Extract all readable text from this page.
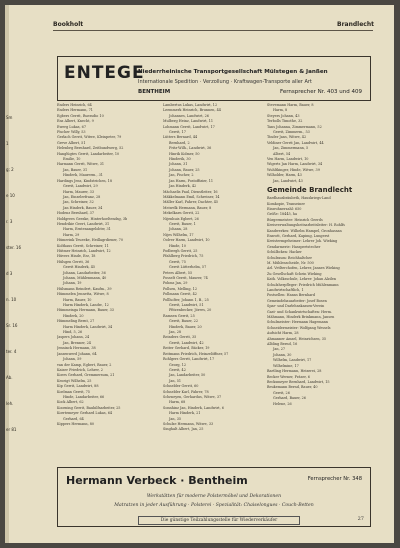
Sm
1
g; 2
e 10
r. 3
ster. 16
d 3
n. 10
Sr. 16
ter. 4
Ab.
leh.
er 81
Bookholt	Brandlecht
ENTEGE
Niederrheinische Transportgesellschaft Mülstegen & Janßen
Internationale Spedition · Verzollung · Kraftwagen-Transporte aller Art
BENTHEIM	Fernsprecher Nr. 403 und 409
Enders Heinrich, 64
Enders Hermann, 71
Egbers Gerrit, Ruessdio 10
Ens Albert, Knecht, 9
Ewerg Lukas, 67
Fischer Willy, 53
Gerlach Gerrit, Witwe, Kleinpeter, 79
Greve Albert, 51
Helenbrg Bernhard, Zeitbundwerg, 52
Hanglügtes Gerrit, Landarbeiter, 10
Emilie, 10
Harmann Gerrit, Witwe, 31
Jan, Bauer, 31
Hinderk, Maurerm., 31
Hardings Jens, Kindstrichen, 18
Gerrit, Landwirt, 29
Harm, Maurer, 33
Jan, Einzelerfranz, 28
Jan, Schreiner, 32
Jan Hinderk, Bauer, 34
Hodenz Bernhard, 37
Holdgrees Geeske, Hinterhoeltendsg, 3b
Hendrikie Geert, Landwirt, 31
Harm, Erntenangelobtw, 31
Harm, 29
Hümerink Teueeke, Heillagrdiener, 70
Kolthaus Gerrit, Schreiner, 11
Hütmer Heinrich, Landwirt, 12
Hüvers Hinde, Erz, 18
Hülsgen Gerrit, 36
Gerrit Hinderk, 45
Johann, Landarbeiter, 36
Johann, Mühlenmann, 40
Johann, 19
Hülsmann Reindert, Kaufm., 39
Hümmelen Jennetta, Witwe, 8
Harm, Bauer, 10
Harm Hinderk, Landw., 12
Hümmeinga Hermann, Bauer, 33
Hinderk, 20
Hümmeling Bernt, 27
Harm Hinderk, Landwirt, 34
Hind, 5, 26
Jaspers Johann, 24
Jan, Brenner, 24
Jenninck Hermann, 38
Jansenwerd Johann, 64
Johann, 59
van der Kamp, Egbert, Bauer, 2
Kaiser Friedrich, Lehrer, 2
Koers Gerhard, Gremmersum, 21
Kroeigt Wilhelm, 25
Kip Gerrit, Landwirt, 88
Koelman Gerrit, 75
Hinde, Landarbeiter, 66
Kock Albert, 62
Koorning Gerrit, Bauhilfsarbeiter, 25
Korrtemeyer Gerhard Lukas, 64
Gerhard, 64
Kippers Hermann, 80
Lambertus Lukas, Landwirt, 12
Leemmerk Heinrich, Brunnen, 44
Johannes, Landwirt, 26
Mulberg Heinz, Landwirt, 11
Lohmann Gerrit, Landwirt, 17
Gerrit, 17
Lütters Bernard, 44
Bernhard, 2
Fritz-Wilh., Landwirt, 36
Hinrik Kolmer, 50
Hinderik, 30
Johann, 31
Johann, Bauer, 25
Jan, Fischer, 2
Jan Harm, Postoffizier, 11
Jan Hinderk, 42
Mächaelis Paul, Dienstleiter, 16
Mäkkelmann Emil, Schreiner, 14
Mäller Karl, Fahrer, Dachter, 45
Meiwelk Hermann, Bauer, 8
Mekelkarn Gerrit, 22
Nijenhuis Egbert, 26
Gerrit, Bauer, 1
Johann, 28
Nijes Wilhelm, 17
Oolver Harm, Landwirt, 10
Hinde, 10
Podbergh Gerrit, 25
Pfahlberg Friedrich, 75
Gerrit, 75
Gerrit Lütterhelm, 57
Peters Albert, 55
Posselt Gerrit, Maurer, 74
Pohms Jan, 29
Pollsen, Melling, 12
Pollmann Gerrit, 42
Pollholter, Johann 1, B., 25
Gerrit, Landwirt, 51
Pfitzenbecker, Jörres, 20
Ramsen Gerrit, 25
Gerrit, Bauer, 22
Hinderk, Bauer, 20
Jan, 28
Reinders Gerrit, 35
Gerrit, Landwirt, 42
Reiter Gerhard, Bäcker, 19
Reitmann Friedrich, Heinzelöffner, 57
Rohlgers Gerrit, Landwirt, 17
Georg, 12
Gerrit, 42
Jan, Landarbeiter, 50
Jan, 51
Schnelder Gerrit, 60
Schnelder Karl, Fahrer, 78
Schrneyen, Gerhardus, Witwe, 37
Harm, 68
Sonnhinz Jan, Hinderk, Landwirt, 6
Harm Hinderk, 21
Jan, 35
Schulze Hermann, Witwe, 33
Singhalt Albert, Jan, 25
Stevemann Harm, Bauer, 8
Harm, 8
Steyers Johann, 43
Terbolls Timothe, 32
Tans Johanna, Zimmermann, 52
Gerrit, Zimmerm., 53
Tinder Jans, Witwe, 42
Veldiner Gerrit Jan, Landwirt, 44
Jan, Zimmermann, 5
Albert, 54
Ven Harm, Landwirt, 10
Wigerts Jan Harm, Landwirt, 34
Wuhltkinger, Hinde, Witwe, 39
Wilholder, Harm, 43
Jan, Landwirt, 43
Gemeinde Brandlecht
Bardhausbräubeth, Hauskriegs-Land
Komkopie, Transeiner
Einwohnerzahl: 650
Größe: 18445, ha
Bürgermeister: Heinrich Geerds
Kreisverwaltungsheitsarbeitsleiter: H. Rohlfs
Kandwerkes: Wilhelm Hampel, Gronhassan
Ensrott, Gerhard, Kapimg, Lungerst
Kreistermgeheimer: Lehrer Joh. Wieking
Gendarmerie: Hasspertstecher
Schülbcken: Hacker
Schulraum: Reichhaltcher
M. Mühlenscheide, Nr. 500
Arl. Vetlterchofen, Lehrer, Jannes Wieking
Zu Gesellschaft Schein Wieking
Kath. Volksschule, Lehrer: Johan Alzilen
Schulzherpfleger: Friedrich Mühlenmann
Landwirtschaftlich, 1
Postsellen: Hanns Bernhard
Gemeindebauarbeiter: Josef Bosen
Spar- und Darlehnskassen-Verein
Gast- und Schankwirtschaften: Herm.
Mähmann, Hinderk Brinkmann, Jansen
Schulmeister: Hermann Hagemann
Schneidermeister: Wolfgang Wessels
Aufsicht Harm, 28
Ahmanner Amsel, Heinrichsen, 35
Albling Bernd, 16
Jan, 27
Johann, 30
Wilhelm, Landwirt, 17
Wilhelmine, 17
Bartling Hermann, Heizerei, 28
Becker Werner, Fräser, 6
Becksmeyer Bernhard, Landwirt, 15
Beukemann Bernd, Bauer, 40
Gerrit, 26
Gerhard, Bauer, 26
Helene, 26
Hermann Verbeck · Bentheim	Fernsprecher Nr. 348
Werkstätten für moderne Polstermöbel und Dekorationen
Matratzen in jeder Ausführung · Polsterei · Spezialität: Chaiselongues · Couch-Betten
Die günstige Teilzahlungsstelle für Wiederverkäufer	27
